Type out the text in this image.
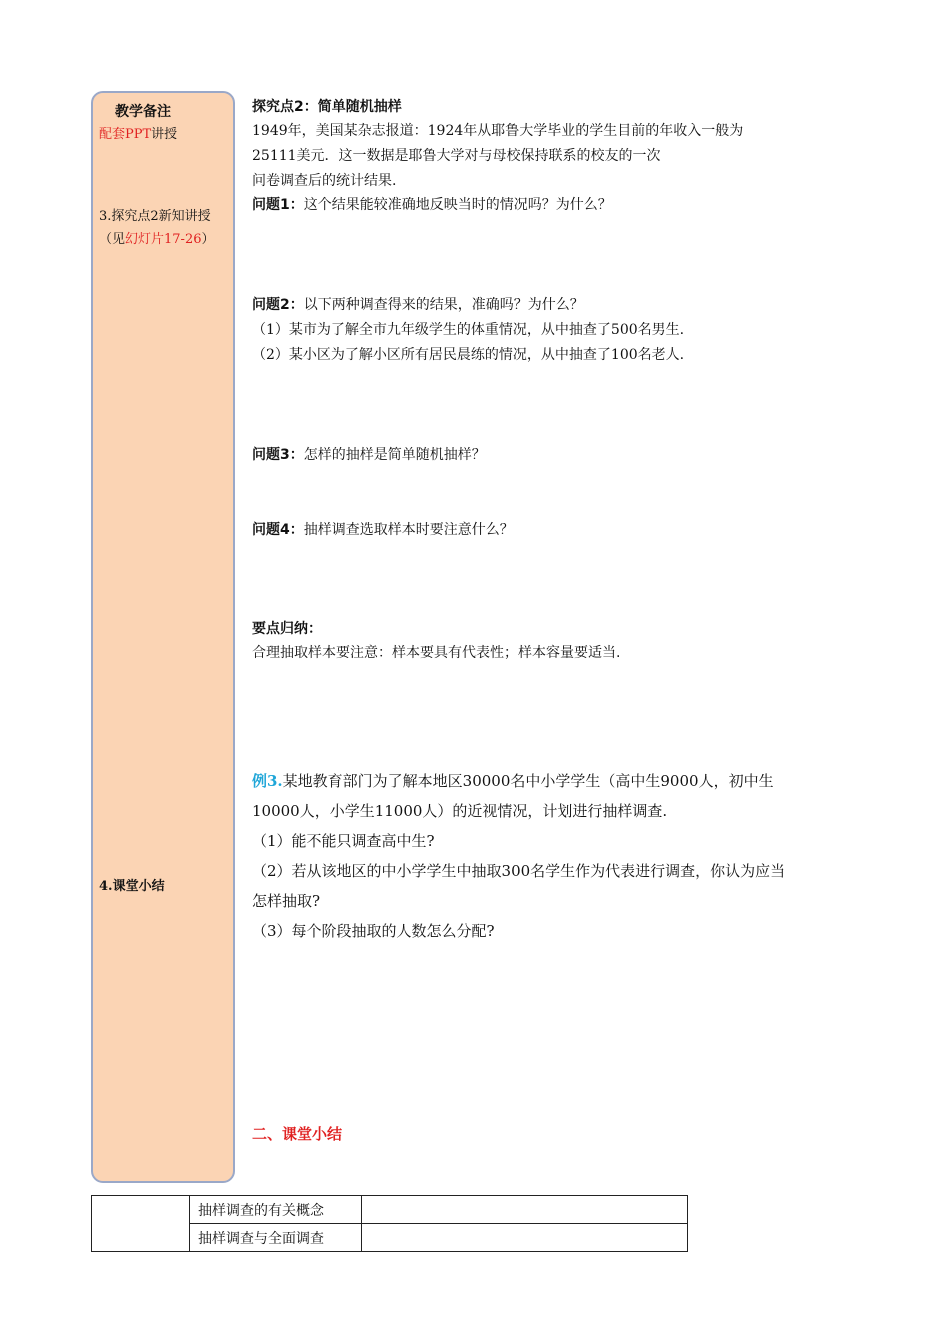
教学备注
配套PPT讲授
3.探究点2新知讲授
（见幻灯片17-26）
4.课堂小结
探究点2：简单随机抽样
1949年，美国某杂志报道：1924年从耶鲁大学毕业的学生目前的年收入一般为
25111美元．这一数据是耶鲁大学对与母校保持联系的校友的一次
问卷调查后的统计结果.
问题1：这个结果能较准确地反映当时的情况吗？为什么？
问题2：以下两种调查得来的结果，准确吗？为什么？
（1）某市为了解全市九年级学生的体重情况，从中抽查了500名男生.
（2）某小区为了解小区所有居民晨练的情况，从中抽查了100名老人.
问题3：怎样的抽样是简单随机抽样？
问题4：抽样调查选取样本时要注意什么？
要点归纳：
合理抽取样本要注意：样本要具有代表性；样本容量要适当.
例3.某地教育部门为了解本地区30000名中小学学生（高中生9000人，初中生
10000人，小学生11000人）的近视情况，计划进行抽样调查.
（1）能不能只调查高中生?
（2）若从该地区的中小学学生中抽取300名学生作为代表进行调查，你认为应当
怎样抽取?
（3）每个阶段抽取的人数怎么分配?
二、课堂小结
	抽样调查的有关概念	
	抽样调查与全面调查	
